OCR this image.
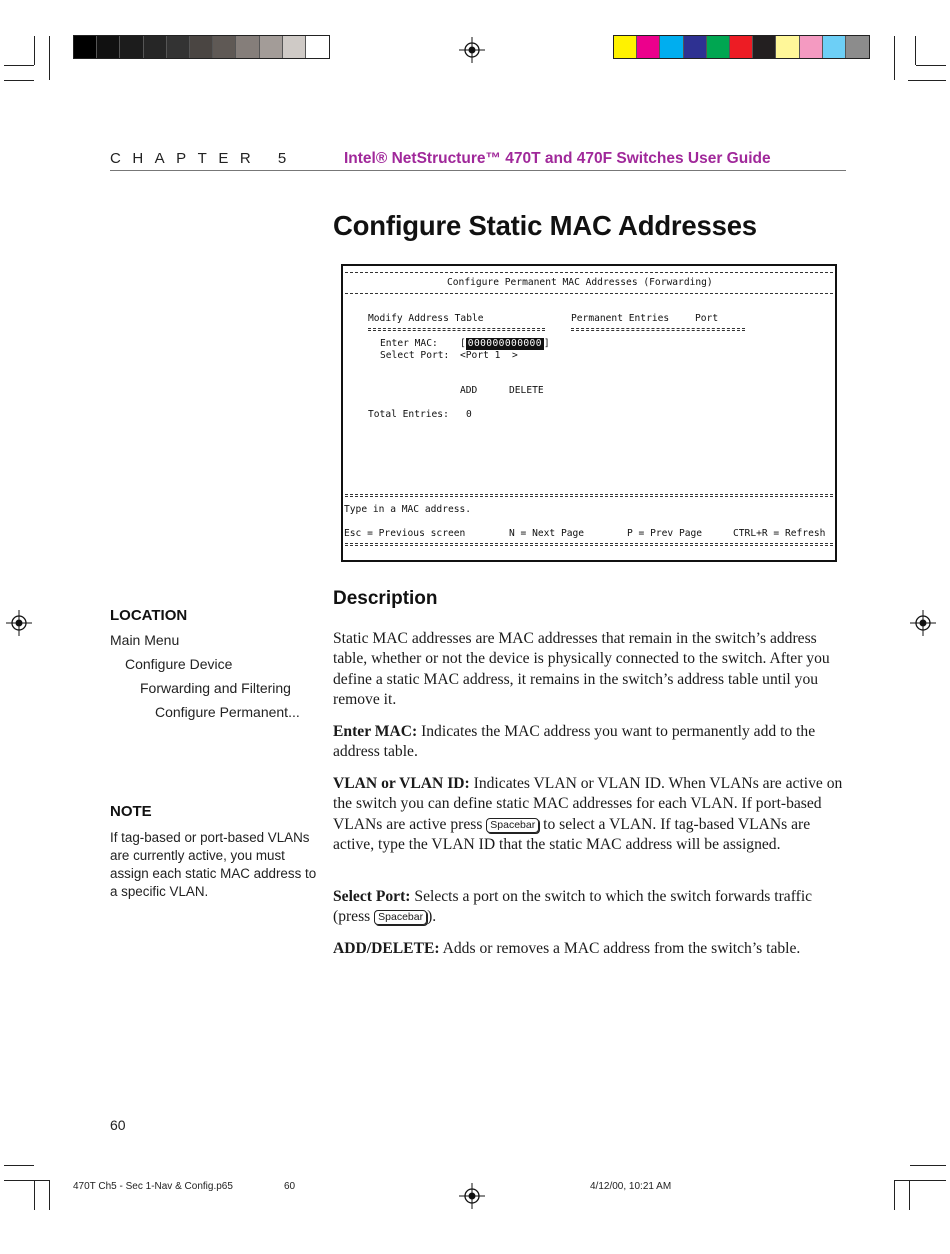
CHAPTER 5	Intel® NetStructure™ 470T and 470F Switches User Guide
Configure Static MAC Addresses
Configure Permanent MAC Addresses (Forwarding)
Modify Address Table	Permanent Entries	Port
Enter MAC: [ 000000000000 ]
Select Port: <Port 1  >
ADD	DELETE
Total Entries: 0
Type in a MAC address.
Esc = Previous screen	N = Next Page	P = Prev Page	CTRL+R = Refresh
LOCATION
Main Menu
Configure Device
Forwarding and Filtering
Configure Permanent...
NOTE
If tag-based or port-based VLANs are currently active, you must assign each static MAC address to a specific VLAN.
Description

Static MAC addresses are MAC addresses that remain in the switch’s address table, whether or not the device is physically connected to the switch. After you define a static MAC address, it remains in the switch’s address table until you remove it.

Enter MAC: Indicates the MAC address you want to permanently add to the address table.

VLAN or VLAN ID: Indicates VLAN or VLAN ID. When VLANs are active on the switch you can define static MAC addresses for each VLAN. If port-based VLANs are active press Spacebar to select a VLAN. If tag-based VLANs are active, type the VLAN ID that the static MAC address will be assigned.

Select Port: Selects a port on the switch to which the switch forwards traffic (press Spacebar ).

ADD/DELETE: Adds or removes a MAC address from the switch’s table.

60
470T Ch5 - Sec 1-Nav & Config.p65	60	4/12/00, 10:21 AM
